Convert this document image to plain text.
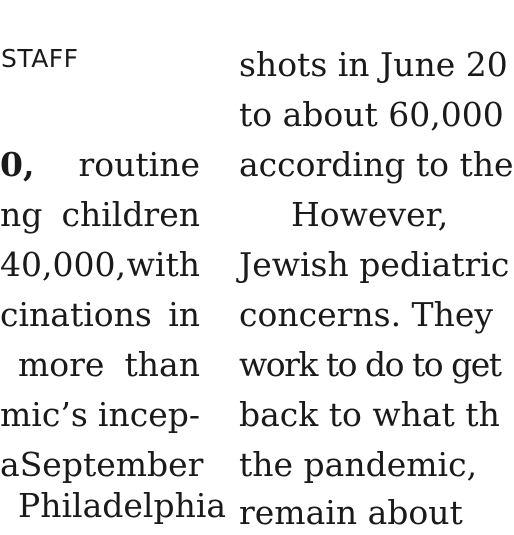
STAFF
0, routine
ng children
40,000, with
cinations in
more than
mic’s incep-
a September
Philadelphia
shots in June 20
to about 60,000
according to the
However,
Jewish pediatric
concerns. They
work to do to get
back to what th
the pandemic,
remain about
